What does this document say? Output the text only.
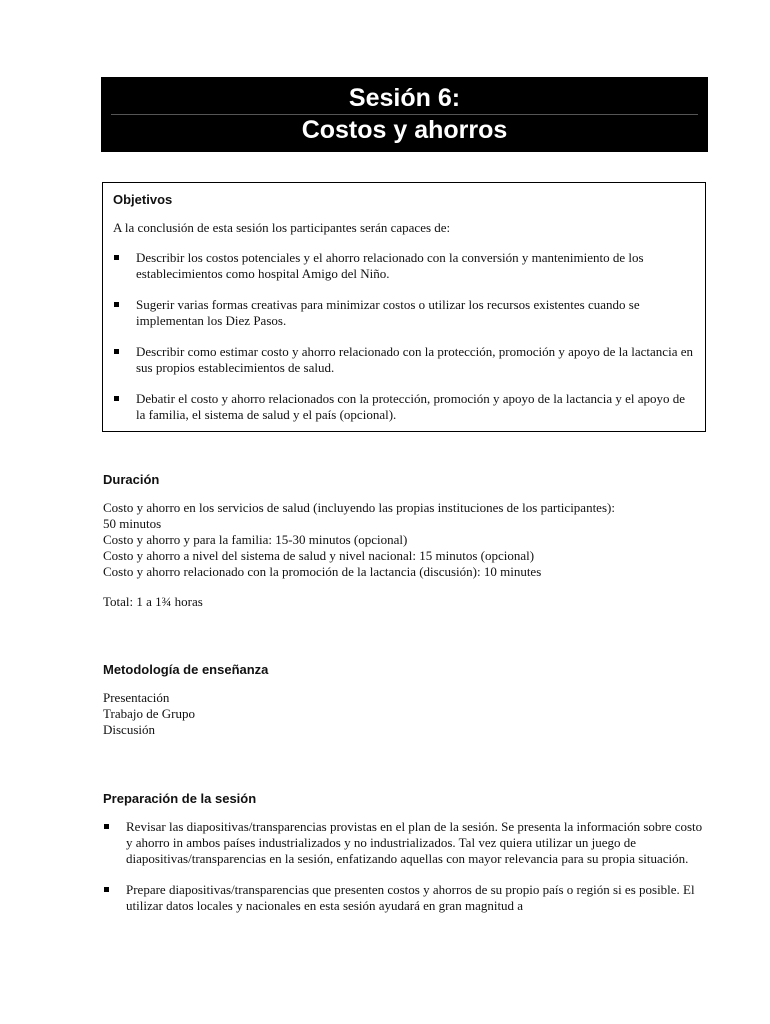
Sesión 6:
Costos y ahorros
Objetivos
A la conclusión de esta sesión los participantes serán capaces de:
Describir los costos potenciales y el ahorro relacionado con la conversión y mantenimiento de los establecimientos como hospital Amigo del Niño.
Sugerir varias formas creativas para minimizar costos o utilizar los recursos existentes cuando se implementan los Diez Pasos.
Describir como estimar costo y ahorro relacionado con la protección, promoción y apoyo de la lactancia en sus propios establecimientos de salud.
Debatir el costo y ahorro relacionados con la protección, promoción y apoyo de la lactancia y el apoyo de la familia, el sistema de salud y el país (opcional).
Duración
Costo y ahorro en los servicios de salud (incluyendo las propias instituciones de los participantes):
50 minutos
Costo y ahorro y para la familia: 15-30 minutos (opcional)
Costo y ahorro a nivel del sistema de salud y nivel nacional: 15 minutos (opcional)
Costo y ahorro relacionado con la promoción de la lactancia (discusión): 10 minutes
Total: 1 a 1¾ horas
Metodología de enseñanza
Presentación
Trabajo de Grupo
Discusión
Preparación de la sesión
Revisar las diapositivas/transparencias provistas en el plan de la sesión. Se presenta la información sobre costo y ahorro in ambos países industrializados y no industrializados. Tal vez quiera utilizar un juego de diapositivas/transparencias en la sesión, enfatizando aquellas con mayor relevancia para su propia situación.
Prepare diapositivas/transparencias que presenten costos y ahorros de su propio país o región si es posible. El utilizar datos locales y nacionales en esta sesión ayudará en gran magnitud a
